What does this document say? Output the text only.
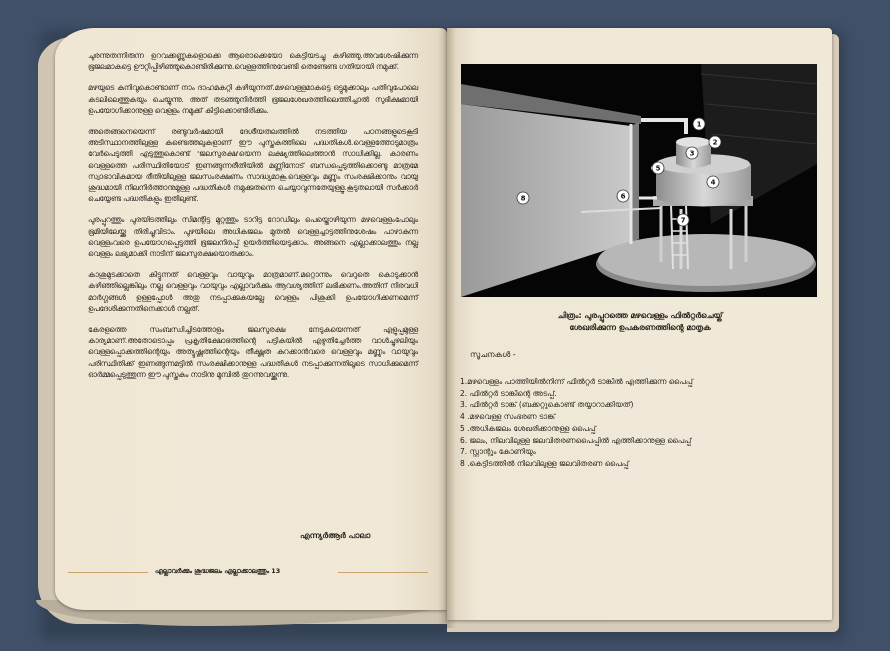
ചുരന്നുതന്നിരുന്ന ഉറവക്കണ്ണുകളൊക്കെ ആരൊക്കെയോ കെട്ടിയടച്ചു കഴിഞ്ഞു.അവശേഷിക്കുന്ന ഭൂജലമാകട്ടെ ഊറ്റിപ്പിഴിഞ്ഞുകൊണ്ടിരിക്കുന്നു.വെള്ളത്തിനുവേണ്ടി തെണ്ടേണ്ട ഗതിയായി നമുക്ക്.

മഴയുടെ കനിവുകൊണ്ടാണ് നാം ദാഹമകറ്റി കഴിയുന്നത്.മഴവെള്ളമാകട്ടെ ഒട്ടുമുക്കാലും പതിവുപോലെ കടലിലെത്തുകയും ചെയ്യുന്നു. അത് തടഞ്ഞുനിർത്തി ഭൂജലശേഖരത്തിലെത്തിച്ചാൽ സുഭിക്ഷമായി ഉപയോഗിക്കാനുള്ള വെള്ളം നമുക്ക് കിട്ടിക്കൊണ്ടിരിക്കും.

അതെങ്ങനെയെന്ന് രണ്ടുവർഷമായി ദേശീയതലത്തിൽ നടത്തിയ പഠനങ്ങളുടെകൂടി അടിസ്ഥാനത്തിലുള്ള കണ്ടെത്തലുകളാണ് ഈ പുസ്തകത്തിലെ പദ്ധതികൾ.വെള്ളത്തോടുമാത്രം വേർപെടുത്തി എടുത്തുകൊണ്ട് 'ജലസുരക്ഷ'യെന്ന ലക്ഷ്യത്തിലെത്താൻ സാധിക്കില്ല. കാരണം വെള്ളത്തെ പരിസ്ഥിതിയോട് ഇണങ്ങുന്നരീതിയിൽ മണ്ണിനോട് ബന്ധപ്പെടുത്തിക്കൊണ്ടു മാത്രമേ സ്വാഭാവികമായ രീതിയിലുള്ള ജലസംരക്ഷണം സാദ്ധ്യമാകൂ.വെള്ളവും മണ്ണും സംരക്ഷിക്കാനും വായു ശുദ്ധമായി നിലനിർത്താനുമുള്ള പദ്ധതികൾ നമുക്കുതന്നെ ചെയ്യാവുന്നതേയുള്ളൂ.കൂടുതലായി സർക്കാർ ചെയ്യേണ്ട പദ്ധതികളും ഇതിലുണ്ട്.

പുരപ്പുറത്തും പുരയിടത്തിലും സിമന്റിട്ട മുറ്റത്തും ടാറിട്ട റോഡിലും പെയ്തൊഴിയുന്ന മഴവെള്ളംപോലും ഭൂമിയിലേയ്ക്കു തിരിച്ചുവിടാം. പുഴയിലെ അധികജലം മുതൽ വെള്ളച്ചാട്ടത്തിനുശേഷം പാഴാകുന്ന വെള്ളംവരെ ഉപയോഗപ്പെടുത്തി ഭൂജലനിരപ്പ് ഉയർത്തിയെടുക്കാം. അങ്ങനെ എല്ലാക്കാലത്തും നല്ല വെള്ളം ലഭ്യമാക്കി നാടിന് ജലസുരക്ഷയൊരുക്കാം.

കാശുമുടക്കാതെ കിട്ടുന്നത് വെള്ളവും വായുവും മാത്രമാണ്.മറ്റൊന്നും വെറുതെ കൊടുക്കാൻ കഴിഞ്ഞില്ലെങ്കിലും നല്ല വെള്ളവും വായുവും എല്ലാവർക്കും ആവശ്യത്തിന് ലഭിക്കണം.അതിന് നിരവധി മാർഗ്ഗങ്ങൾ ഉള്ളപ്പോൾ അതു നടപ്പാക്കുകയല്ലേ വെള്ളം പിശുക്കി ഉപയോഗിക്കണമെന്ന് ഉപദേശിക്കുന്നതിനെക്കാൾ നല്ലത്.

കേരളത്തെ സംബന്ധിച്ചിടത്തോളം ജലസുരക്ഷ നേടുകയെന്നത് എളുപ്പമുള്ള കാര്യമാണ്.അതോടൊപ്പം പ്രകൃതിക്ഷോഭത്തിന്റെ പട്ടികയിൽ എഴുതിച്ചേർത്ത വാൾച്ചുഴലിയും വെള്ളപ്പൊക്കത്തിന്റെയും അത്യുഷ്ണത്തിന്റെയും തീക്ഷ്ണത കുറക്കാൻവരെ വെള്ളവും മണ്ണും വായുവും പരിസ്ഥിതിക്ക് ഇണങ്ങുന്നമട്ടിൽ സംരക്ഷിക്കാനുള്ള പദ്ധതികൾ നടപ്പാക്കുന്നതിലൂടെ സാധിക്കുമെന്ന് ഓർമ്മപ്പെടുത്തുന്ന ഈ പുസ്തകം നാടിനു മുമ്പിൽ തുറന്നുവയ്ക്കുന്നു.

എന്ന്യർആർ പാലാ
എല്ലാവർക്കും ശുദ്ധജലം എല്ലാക്കാലത്തും 13
1
2
3
4
5
6
7
8
ചിത്രം: പുരപ്പുറത്തെ മഴവെള്ളം ഫിൽറ്റർചെയ്ത്
ശേഖരിക്കുന്ന ഉപകരണത്തിന്റെ മാതൃക
സൂചനകൾ -
1.മഴവെള്ളം പാത്തിയിൽനിന്ന് ഫിൽറ്റർ ടാങ്കിൽ എത്തിക്കുന്ന പൈപ്പ്
2. ഫിൽറ്റർ ടാങ്കിന്റെ അടപ്പ്.
3. ഫിൽറ്റർ ടാങ്ക് (ബക്കറ്റുകൊണ്ട് തയ്യാറാക്കിയത്)
4 .മഴവെള്ള സംഭരണ ടാങ്ക്
5 .അധികജലം ശേഖരിക്കാനുള്ള പൈപ്പ്
6. ജലം, നിലവിലുള്ള ജലവിതരണപൈപ്പിൽ എത്തിക്കാനുള്ള പൈപ്പ്
7. സ്റ്റാന്റും കോണിയും
8 .കെട്ടിടത്തിൽ നിലവിലുള്ള ജലവിതരണ പൈപ്പ്
